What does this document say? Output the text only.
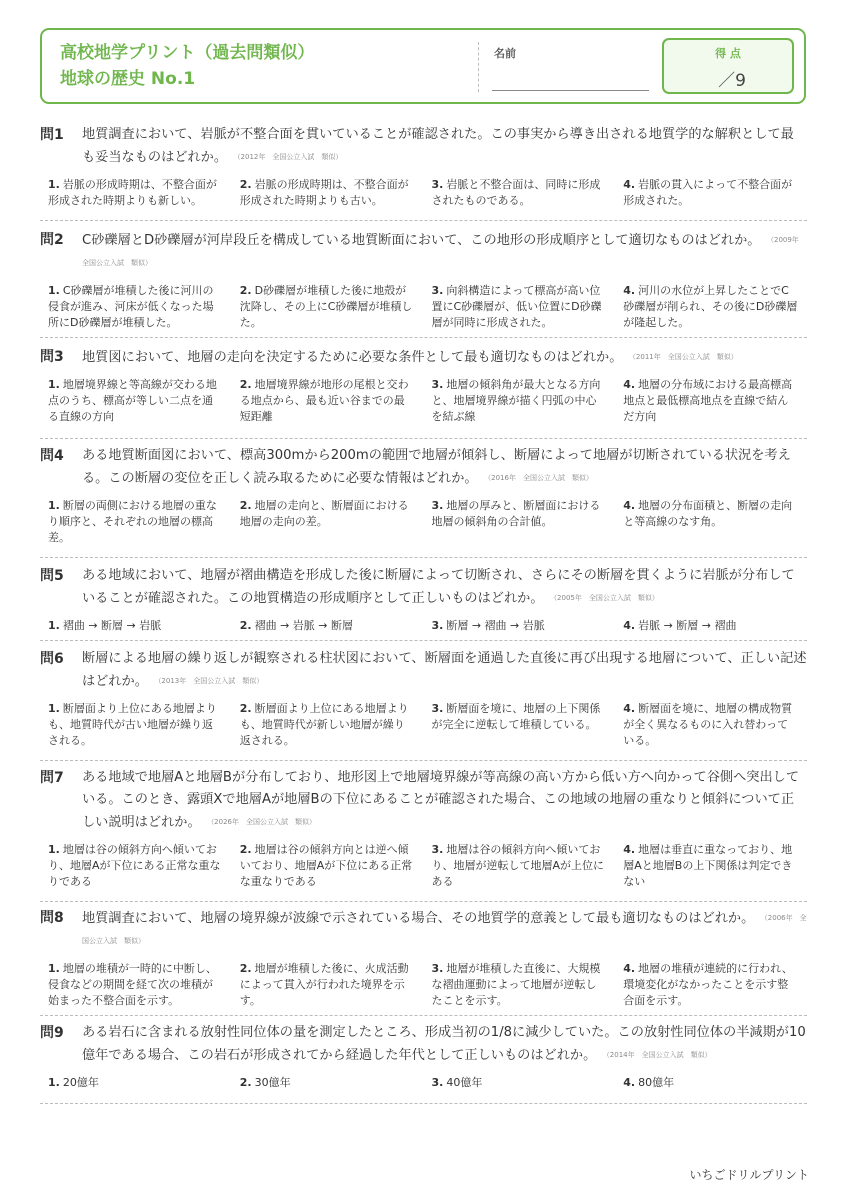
高校地学プリント（過去問類似）
地球の歴史 No.1
名前	得 点
／9
問1 地質調査において、岩脈が不整合面を貫いていることが確認された。この事実から導き出される地質学的な解釈として最も妥当なものはどれか。 （2012年　全国公立入試　類似）
1. 岩脈の形成時期は、不整合面が形成された時期よりも新しい。
2. 岩脈の形成時期は、不整合面が形成された時期よりも古い。
3. 岩脈と不整合面は、同時に形成されたものである。
4. 岩脈の貫入によって不整合面が形成された。
問2 C砂礫層とD砂礫層が河岸段丘を構成している地質断面において、この地形の形成順序として適切なものはどれか。 （2009年　全国公立入試　類似）
1. C砂礫層が堆積した後に河川の侵食が進み、河床が低くなった場所にD砂礫層が堆積した。
2. D砂礫層が堆積した後に地殻が沈降し、その上にC砂礫層が堆積した。
3. 向斜構造によって標高が高い位置にC砂礫層が、低い位置にD砂礫層が同時に形成された。
4. 河川の水位が上昇したことでC砂礫層が削られ、その後にD砂礫層が隆起した。
問3 地質図において、地層の走向を決定するために必要な条件として最も適切なものはどれか。 （2011年　全国公立入試　類似）
1. 地層境界線と等高線が交わる地点のうち、標高が等しい二点を通る直線の方向
2. 地層境界線が地形の尾根と交わる地点から、最も近い谷までの最短距離
3. 地層の傾斜角が最大となる方向と、地層境界線が描く円弧の中心を結ぶ線
4. 地層の分布域における最高標高地点と最低標高地点を直線で結んだ方向
問4 ある地質断面図において、標高300mから200mの範囲で地層が傾斜し、断層によって地層が切断されている状況を考える。この断層の変位を正しく読み取るために必要な情報はどれか。 （2016年　全国公立入試　類似）
1. 断層の両側における地層の重なり順序と、それぞれの地層の標高差。
2. 地層の走向と、断層面における地層の走向の差。
3. 地層の厚みと、断層面における地層の傾斜角の合計値。
4. 地層の分布面積と、断層の走向と等高線のなす角。
問5 ある地域において、地層が褶曲構造を形成した後に断層によって切断され、さらにその断層を貫くように岩脈が分布していることが確認された。この地質構造の形成順序として正しいものはどれか。 （2005年　全国公立入試　類似）
1. 褶曲 → 断層 → 岩脈	2. 褶曲 → 岩脈 → 断層	3. 断層 → 褶曲 → 岩脈	4. 岩脈 → 断層 → 褶曲
問6 断層による地層の繰り返しが観察される柱状図において、断層面を通過した直後に再び出現する地層について、正しい記述はどれか。 （2013年　全国公立入試　類似）
1. 断層面より上位にある地層よりも、地質時代が古い地層が繰り返される。
2. 断層面より上位にある地層よりも、地質時代が新しい地層が繰り返される。
3. 断層面を境に、地層の上下関係が完全に逆転して堆積している。
4. 断層面を境に、地層の構成物質が全く異なるものに入れ替わっている。
問7 ある地域で地層Aと地層Bが分布しており、地形図上で地層境界線が等高線の高い方から低い方へ向かって谷側へ突出している。このとき、露頭Xで地層Aが地層Bの下位にあることが確認された場合、この地域の地層の重なりと傾斜について正しい説明はどれか。 （2026年　全国公立入試　類似）
1. 地層は谷の傾斜方向へ傾いており、地層Aが下位にある正常な重なりである
2. 地層は谷の傾斜方向とは逆へ傾いており、地層Aが下位にある正常な重なりである
3. 地層は谷の傾斜方向へ傾いており、地層が逆転して地層Aが上位にある
4. 地層は垂直に重なっており、地層Aと地層Bの上下関係は判定できない
問8 地質調査において、地層の境界線が波線で示されている場合、その地質学的意義として最も適切なものはどれか。 （2006年　全国公立入試　類似）
1. 地層の堆積が一時的に中断し、侵食などの期間を経て次の堆積が始まった不整合面を示す。
2. 地層が堆積した後に、火成活動によって貫入が行われた境界を示す。
3. 地層が堆積した直後に、大規模な褶曲運動によって地層が逆転したことを示す。
4. 地層の堆積が連続的に行われ、環境変化がなかったことを示す整合面を示す。
問9 ある岩石に含まれる放射性同位体の量を測定したところ、形成当初の1/8に減少していた。この放射性同位体の半減期が10億年である場合、この岩石が形成されてから経過した年代として正しいものはどれか。 （2014年　全国公立入試　類似）
1. 20億年	2. 30億年	3. 40億年	4. 80億年
いちごドリルプリント
